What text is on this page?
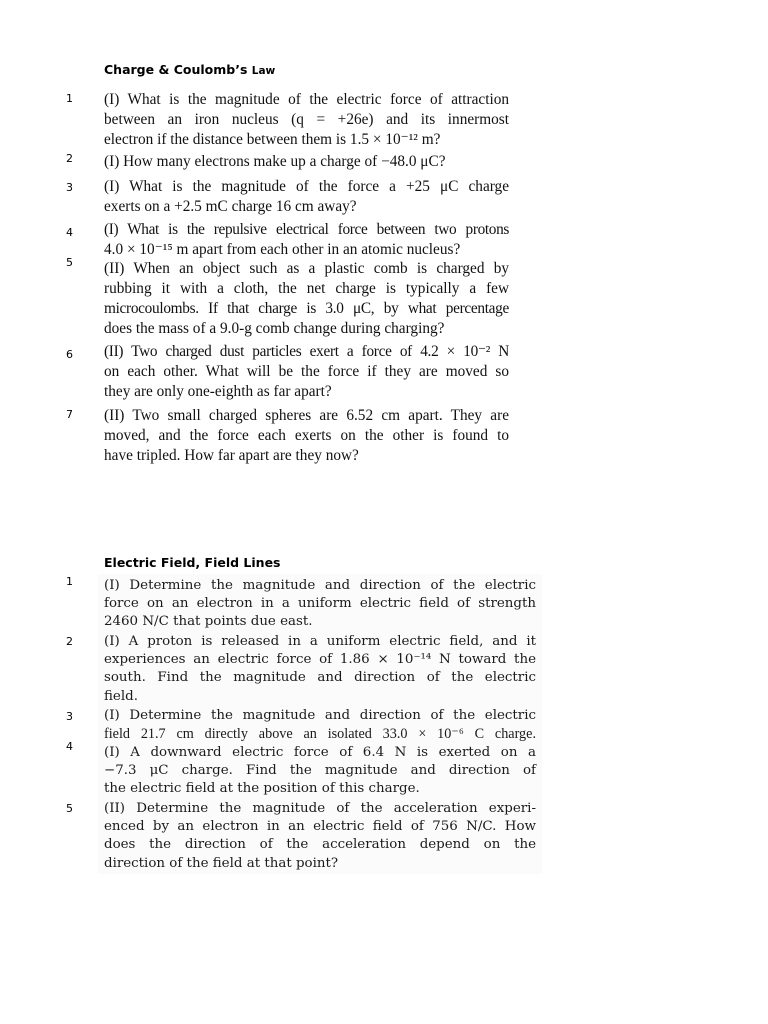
Charge & Coulomb’s Law
1 (I) What is the magnitude of the electric force of attraction
between an iron nucleus (q = +26e) and its innermost
electron if the distance between them is 1.5 × 10⁻¹² m?
2 (I) How many electrons make up a charge of −48.0 μC?
3 (I) What is the magnitude of the force a +25 μC charge
exerts on a +2.5 mC charge 16 cm away?
4 (I) What is the repulsive electrical force between two protons
4.0 × 10⁻¹⁵ m apart from each other in an atomic nucleus?
5 (II) When an object such as a plastic comb is charged by
rubbing it with a cloth, the net charge is typically a few
microcoulombs. If that charge is 3.0 μC, by what percentage
does the mass of a 9.0-g comb change during charging?
6 (II) Two charged dust particles exert a force of 4.2 × 10⁻² N
on each other. What will be the force if they are moved so
they are only one-eighth as far apart?
7 (II) Two small charged spheres are 6.52 cm apart. They are
moved, and the force each exerts on the other is found to
have tripled. How far apart are they now?
Electric Field, Field Lines
1 (I) Determine the magnitude and direction of the electric
force on an electron in a uniform electric field of strength
2460 N/C that points due east.
2 (I) A proton is released in a uniform electric field, and it
experiences an electric force of 1.86 × 10⁻¹⁴ N toward the
south. Find the magnitude and direction of the electric
field.
3 (I) Determine the magnitude and direction of the electric
field 21.7 cm directly above an isolated 33.0 × 10⁻⁶ C charge.
4 (I) A downward electric force of 6.4 N is exerted on a
−7.3 μC charge. Find the magnitude and direction of
the electric field at the position of this charge.
5 (II) Determine the magnitude of the acceleration experi-
enced by an electron in an electric field of 756 N/C. How
does the direction of the acceleration depend on the
direction of the field at that point?
